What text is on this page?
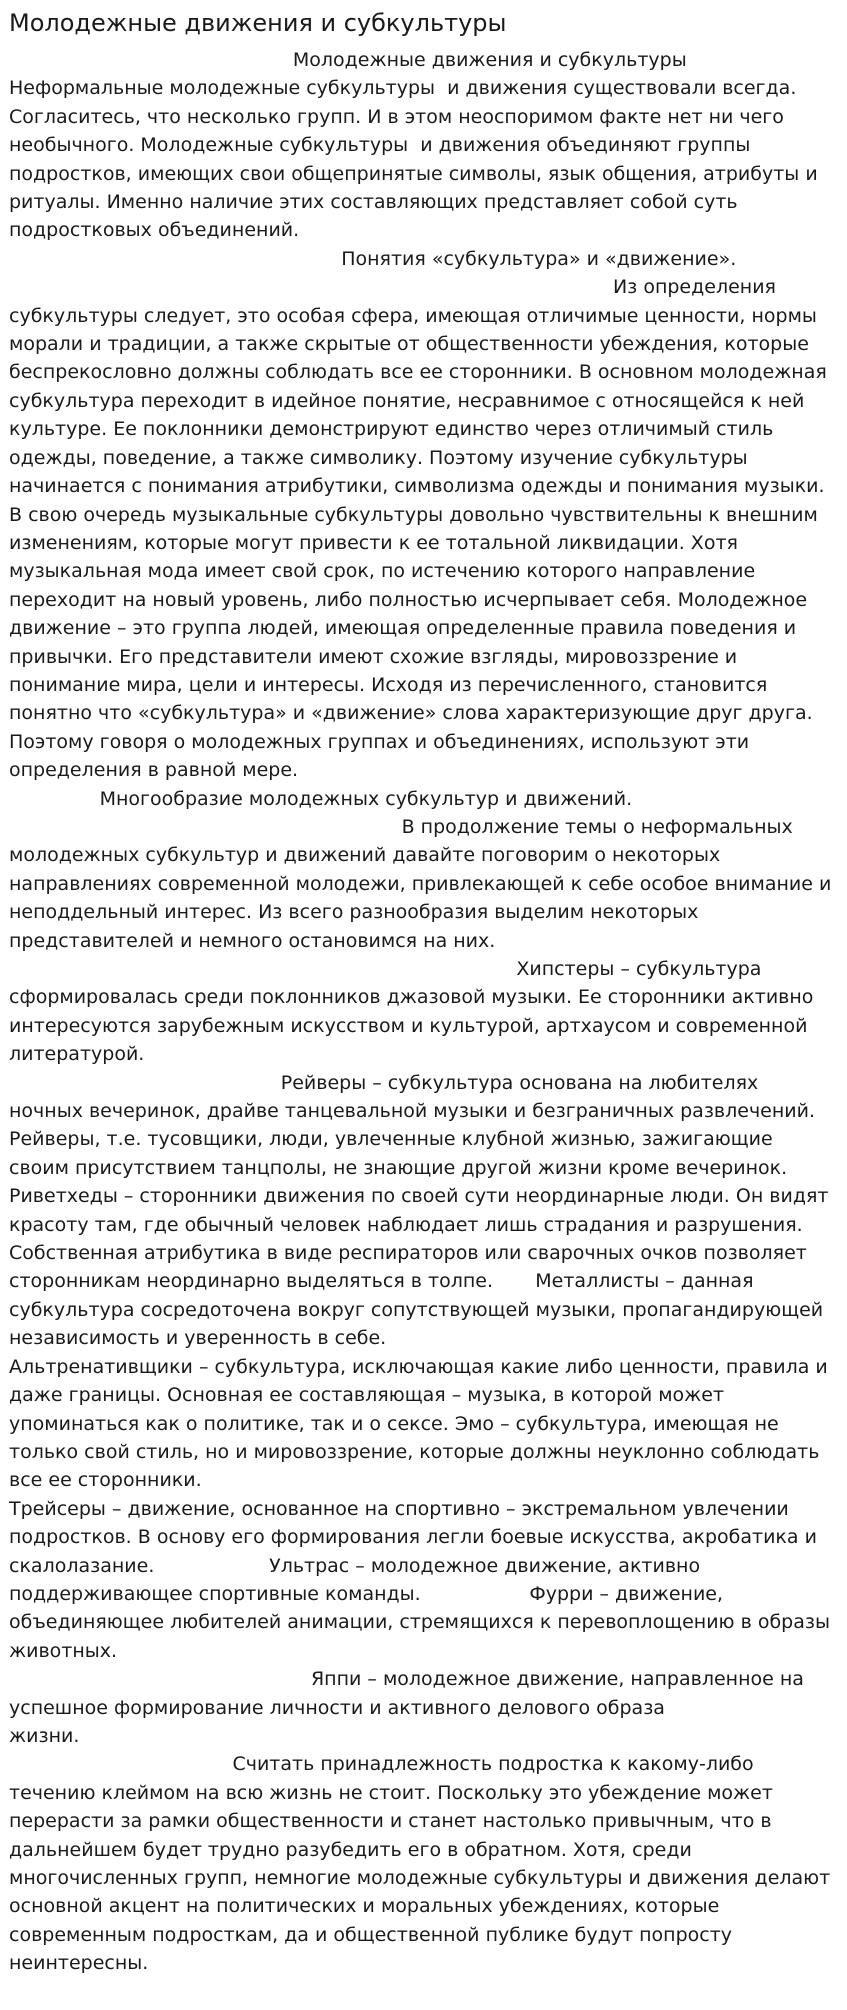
Молодежные движения и субкультуры
Молодежные движения и субкультуры
Неформальные молодежные субкультуры  и движения существовали всегда. Согласитесь, что несколько групп. И в этом неоспоримом факте нет ни чего необычного. Молодежные субкультуры  и движения объединяют группы подростков, имеющих свои общепринятые символы, язык общения, атрибуты и ритуалы. Именно наличие этих составляющих представляет собой суть подростковых объединений.
Понятия «субкультура» и «движение».
Из определения субкультуры следует, это особая сфера, имеющая отличимые ценности, нормы морали и традиции, а также скрытые от общественности убеждения, которые беспрекословно должны соблюдать все ее сторонники. В основном молодежная субкультура переходит в идейное понятие, несравнимое с относящейся к ней культуре. Ее поклонники демонстрируют единство через отличимый стиль одежды, поведение, а также символику. Поэтому изучение субкультуры начинается с понимания атрибутики, символизма одежды и понимания музыки. В свою очередь музыкальные субкультуры довольно чувствительны к внешним изменениям, которые могут привести к ее тотальной ликвидации. Хотя музыкальная мода имеет свой срок, по истечению которого направление переходит на новый уровень, либо полностью исчерпывает себя. Молодежное движение – это группа людей, имеющая определенные правила поведения и привычки. Его представители имеют схожие взгляды, мировоззрение и понимание мира, цели и интересы. Исходя из перечисленного, становится понятно что «субкультура» и «движение» слова характеризующие друг друга. Поэтому говоря о молодежных группах и объединениях, используют эти определения в равной мере.
Многообразие молодежных субкультур и движений.
В продолжение темы о неформальных молодежных субкультур и движений давайте поговорим о некоторых направлениях современной молодежи, привлекающей к себе особое внимание и неподдельный интерес. Из всего разнообразия выделим некоторых представителей и немного остановимся на них.
Хипстеры – субкультура сформировалась среди поклонников джазовой музыки. Ее сторонники активно интересуются зарубежным искусством и культурой, артхаусом и современной литературой.
Рейверы – субкультура основана на любителях ночных вечеринок, драйве танцевальной музыки и безграничных развлечений. Рейверы, т.е. тусовщики, люди, увлеченные клубной жизнью, зажигающие своим присутствием танцполы, не знающие другой жизни кроме вечеринок. Риветхеды – сторонники движения по своей сути неординарные люди. Он видят красоту там, где обычный человек наблюдает лишь страдания и разрушения. Собственная атрибутика в виде респираторов или сварочных очков позволяет сторонникам неординарно выделяться в толпе.       Металлисты – данная субкультура сосредоточена вокруг сопутствующей музыки, пропагандирующей независимость и уверенность в себе.
Альтренативщики – субкультура, исключающая какие либо ценности, правила и даже границы. Основная ее составляющая – музыка, в которой может упоминаться как о политике, так и о сексе. Эмо – субкультура, имеющая не только свой стиль, но и мировоззрение, которые должны неуклонно соблюдать все ее сторонники.
Трейсеры – движение, основанное на спортивно – экстремальном увлечении подростков. В основу его формирования легли боевые искусства, акробатика и скалолазание.                   Ультрас – молодежное движение, активно поддерживающее спортивные команды.                  Фурри – движение, объединяющее любителей анимации, стремящихся к перевоплощению в образы животных.
Яппи – молодежное движение, направленное на успешное формирование личности и активного делового образа
жизни.
Считать принадлежность подростка к какому-либо течению клеймом на всю жизнь не стоит. Поскольку это убеждение может перерасти за рамки общественности и станет настолько привычным, что в дальнейшем будет трудно разубедить его в обратном. Хотя, среди многочисленных групп, немногие молодежные субкультуры и движения делают основной акцент на политических и моральных убеждениях, которые современным подросткам, да и общественной публике будут попросту неинтересны.
